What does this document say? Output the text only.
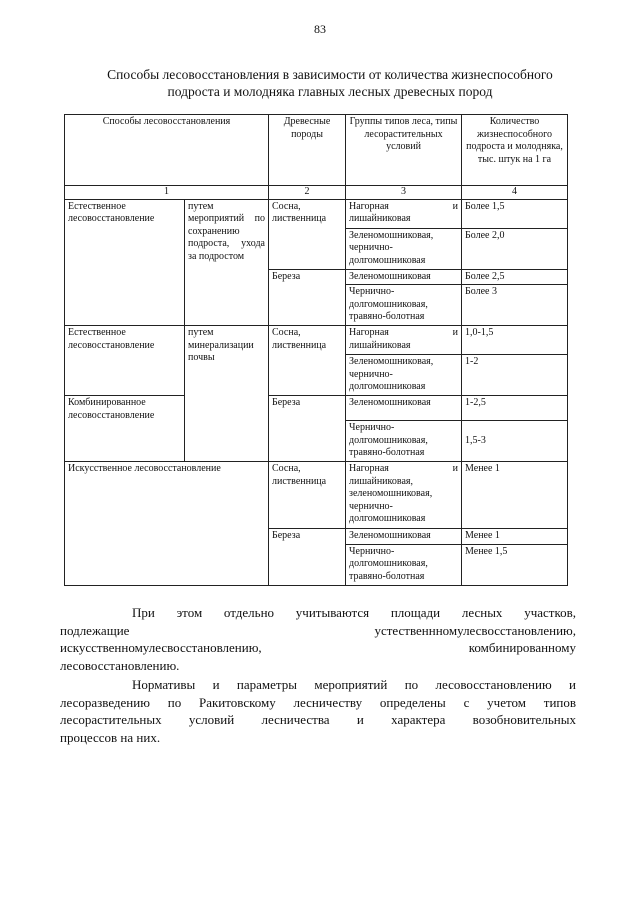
83
Способы лесовосстановления в зависимости от количества жизнеспособного
подроста и молодняка главных лесных древесных пород
Способы лесовосстановления		Древесные породы	Группы типов леса, типы лесорастительных условий	Количество жизнеспособного подроста и молодняка, тыс. штук на 1 га
1		2	3	4
Естественное лесовосстановление	путем мероприятий по сохранению подроста, ухода за подростом	Сосна, лиственница	Нагорная и
лишайниковая	Более 1,5
			Зеленомошниковая, чернично-долгомошниковая	Более 2,0
		Береза	Зеленомошниковая	Более 2,5
			Чернично-долгомошниковая, травяно-болотная	Более 3
Естественное лесовосстановление	путем минерализации почвы	Сосна, лиственница	Нагорная и
лишайниковая	1,0-1,5
			Зеленомошниковая, чернично-долгомошниковая	1-2
Комбинированное лесовосстановление		Береза	Зеленомошниковая	1-2,5
			Чернично-долгомошниковая, травяно-болотная	1,5-3
Искусственное лесовосстановление		Сосна, лиственница	Нагорная и
лишайниковая, зеленомошниковая, чернично-долгомошниковая	Менее 1
		Береза	Зеленомошниковая	Менее 1
			Чернично-долгомошниковая, травяно-болотная	Менее 1,5
При этом отдельно учитываются площади лесных участков,
подлежащие устественнномулесвосстановлению,
искусственномулесвосстановлению, комбинированному
лесовосстановлению.
Нормативы и параметры мероприятий по лесовосстановлению и
лесоразведению по Ракитовскому лесничеству определены с учетом типов
лесорастительных условий лесничества и характера возобновительных
процессов на них.
